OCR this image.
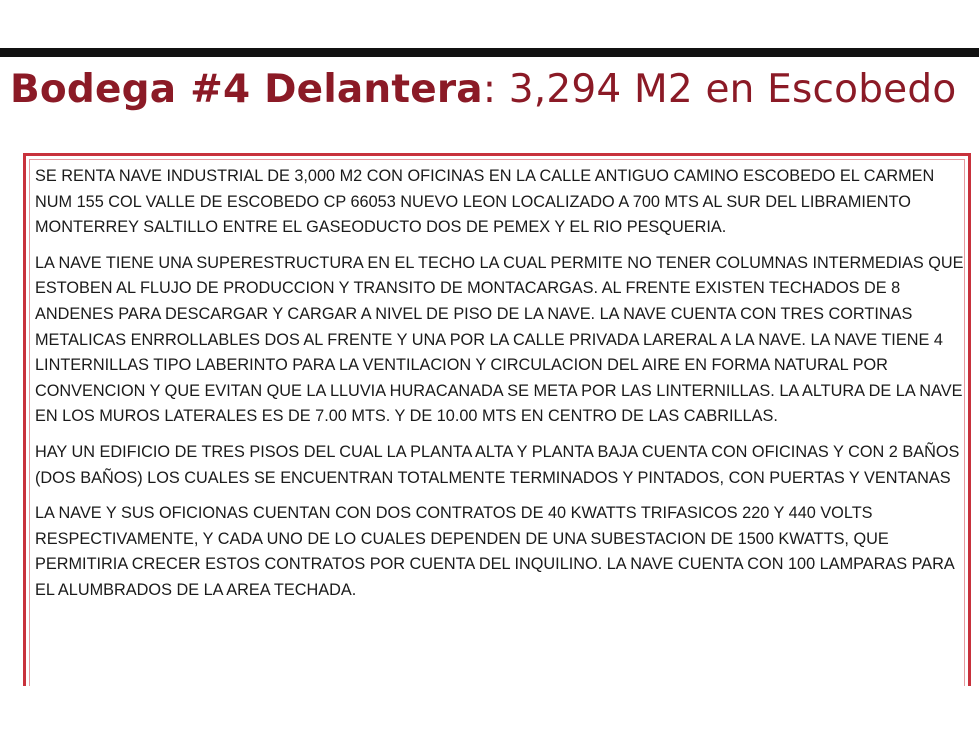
Bodega #4 Delantera: 3,294 M2 en Escobedo

SE RENTA NAVE INDUSTRIAL DE 3,000 M2 CON OFICINAS EN LA CALLE ANTIGUO CAMINO ESCOBEDO EL CARMEN NUM 155 COL VALLE DE ESCOBEDO CP 66053 NUEVO LEON LOCALIZADO A 700 MTS AL SUR DEL LIBRAMIENTO MONTERREY SALTILLO ENTRE EL GASEODUCTO DOS DE PEMEX Y EL RIO PESQUERIA.

LA NAVE TIENE UNA SUPERESTRUCTURA EN EL TECHO LA CUAL PERMITE NO TENER COLUMNAS INTERMEDIAS QUE ESTOBEN AL FLUJO DE PRODUCCION Y TRANSITO DE MONTACARGAS. AL FRENTE EXISTEN TECHADOS DE 8 ANDENES PARA DESCARGAR Y CARGAR A NIVEL DE PISO DE LA NAVE. LA NAVE CUENTA CON TRES CORTINAS METALICAS ENRROLLABLES DOS AL FRENTE Y UNA POR LA CALLE PRIVADA LARERAL A LA NAVE. LA NAVE TIENE 4 LINTERNILLAS TIPO LABERINTO PARA LA VENTILACION Y CIRCULACION DEL AIRE EN FORMA NATURAL POR CONVENCION Y QUE EVITAN QUE LA LLUVIA HURACANADA SE META POR LAS LINTERNILLAS. LA ALTURA DE LA NAVE EN LOS MUROS LATERALES ES DE 7.00 MTS. Y DE 10.00 MTS EN CENTRO DE LAS CABRILLAS.

HAY UN EDIFICIO DE TRES PISOS DEL CUAL LA PLANTA ALTA Y PLANTA BAJA CUENTA CON OFICINAS Y CON 2 BAÑOS (DOS BAÑOS) LOS CUALES SE ENCUENTRAN TOTALMENTE TERMINADOS Y PINTADOS, CON PUERTAS Y VENTANAS

LA NAVE Y SUS OFICIONAS CUENTAN CON DOS CONTRATOS DE 40 KWATTS TRIFASICOS 220 Y 440 VOLTS RESPECTIVAMENTE, Y CADA UNO DE LO CUALES DEPENDEN DE UNA SUBESTACION DE 1500 KWATTS, QUE PERMITIRIA CRECER ESTOS CONTRATOS POR CUENTA DEL INQUILINO. LA NAVE CUENTA CON 100 LAMPARAS PARA EL ALUMBRADOS DE LA AREA TECHADA.
